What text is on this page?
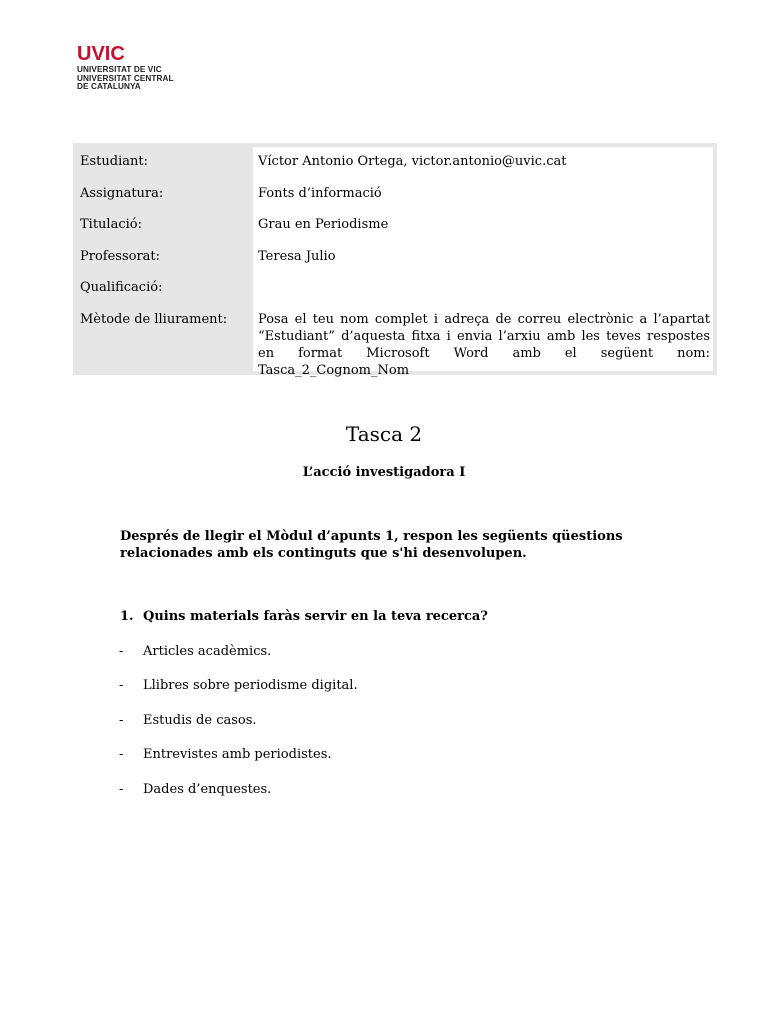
UVIC
UNIVERSITAT DE VIC
UNIVERSITAT CENTRAL
DE CATALUNYA
Estudiant:	Víctor Antonio Ortega, victor.antonio@uvic.cat
Assignatura:	Fonts d’informació
Titulació:	Grau en Periodisme
Professorat:	Teresa Julio
Qualificació:
Mètode de lliurament: Posa el teu nom complet i adreça de correu electrònic a l’apartat “Estudiant” d’aquesta fitxa i envia l’arxiu amb les teves respostes en format Microsoft Word amb el següent nom: Tasca_2_Cognom_Nom
Tasca 2
L’acció investigadora I
Després de llegir el Mòdul d’apunts 1, respon les següents qüestions relacionades amb els continguts que s'hi desenvolupen.
1. Quins materials faràs servir en la teva recerca?
- Articles acadèmics.
- Llibres sobre periodisme digital.
- Estudis de casos.
- Entrevistes amb periodistes.
- Dades d’enquestes.
